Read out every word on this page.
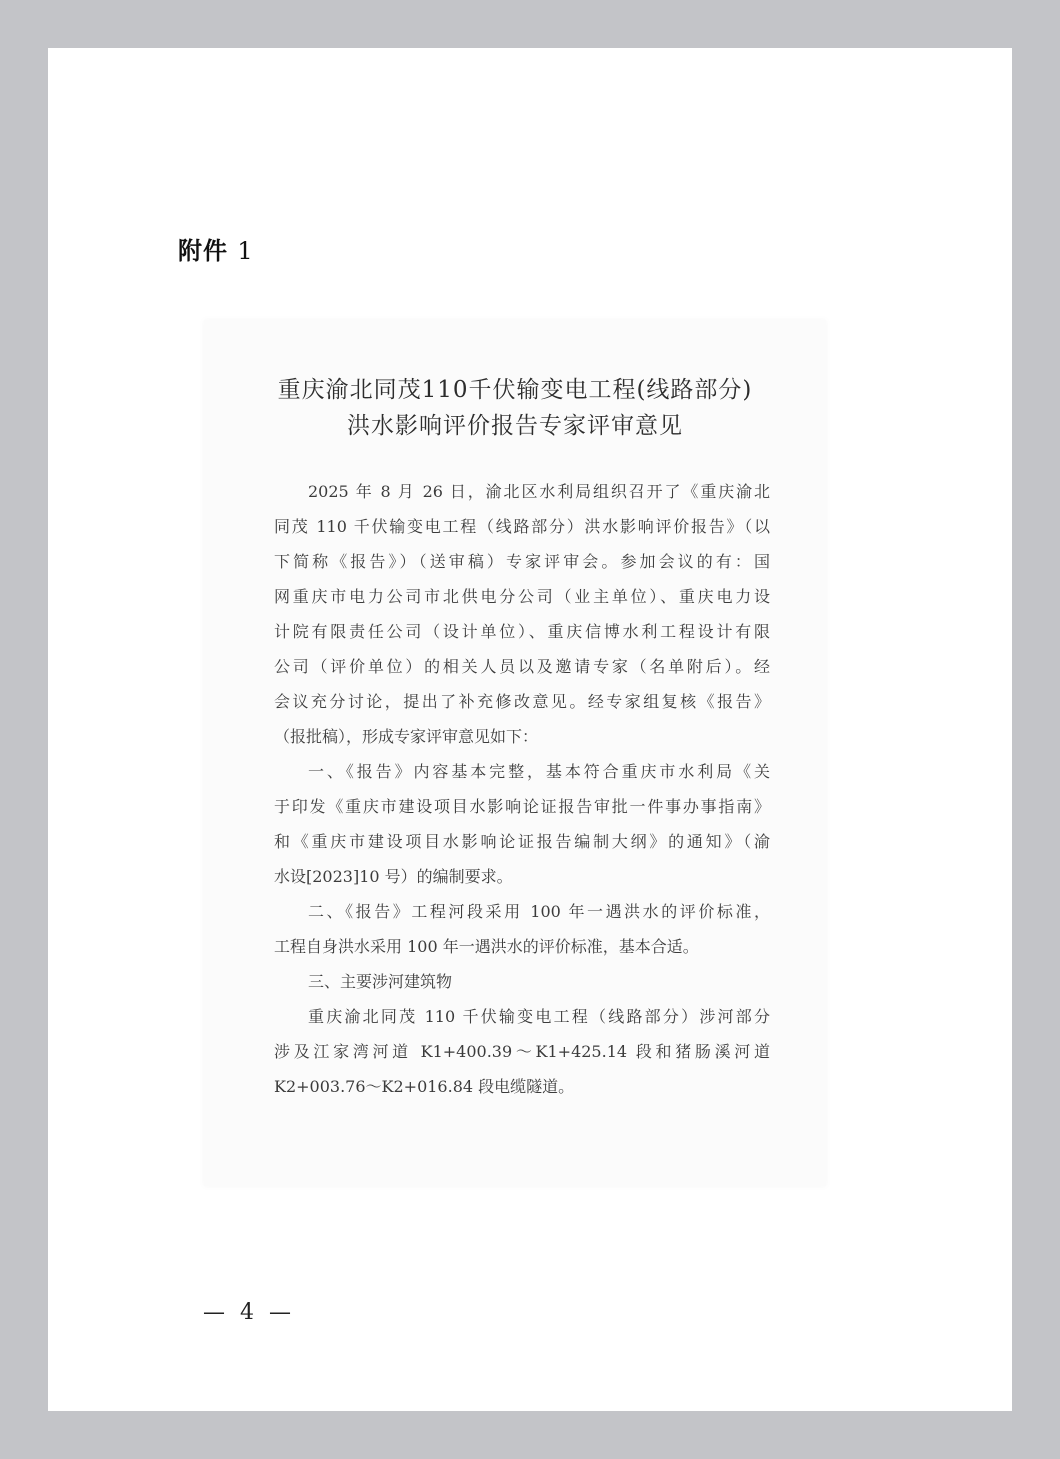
附件 1
重庆渝北同茂110千伏输变电工程(线路部分)
洪水影响评价报告专家评审意见
2025 年 8 月 26 日，渝北区水利局组织召开了《重庆渝北
同茂 110 千伏输变电工程（线路部分）洪水影响评价报告》（以
下简称《报告》）（送审稿）专家评审会。参加会议的有：国
网重庆市电力公司市北供电分公司（业主单位）、重庆电力设
计院有限责任公司（设计单位）、重庆信博水利工程设计有限
公司（评价单位）的相关人员以及邀请专家（名单附后）。经
会议充分讨论，提出了补充修改意见。经专家组复核《报告》
（报批稿），形成专家评审意见如下：
一、《报告》内容基本完整，基本符合重庆市水利局《关
于印发《重庆市建设项目水影响论证报告审批一件事办事指南》
和《重庆市建设项目水影响论证报告编制大纲》的通知》（渝
水设[2023]10 号）的编制要求。
二、《报告》工程河段采用 100 年一遇洪水的评价标准，
工程自身洪水采用 100 年一遇洪水的评价标准，基本合适。
三、主要涉河建筑物
重庆渝北同茂 110 千伏输变电工程（线路部分）涉河部分
涉及江家湾河道 K1+400.39～K1+425.14 段和猪肠溪河道
K2+003.76～K2+016.84 段电缆隧道。
— 4 —
